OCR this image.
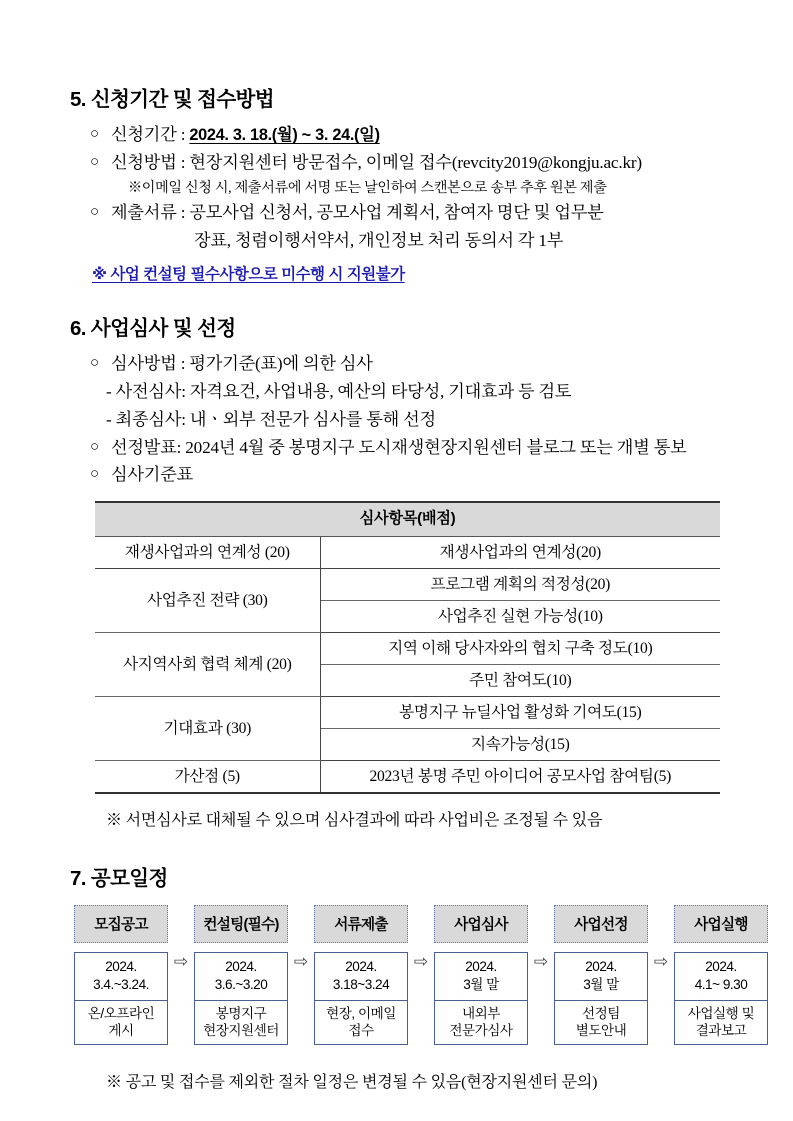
5. 신청기간 및 접수방법
○ 신청기간 : 2024. 3. 18.(월) ~ 3. 24.(일)
○ 신청방법 : 현장지원센터 방문접수, 이메일 접수(revcity2019@kongju.ac.kr)
※이메일 신청 시, 제출서류에 서명 또는 날인하여 스캔본으로 송부 추후 원본 제출
○ 제출서류 : 공모사업 신청서, 공모사업 계획서, 참여자 명단 및 업무분
장표, 청렴이행서약서, 개인정보 처리 동의서 각 1부
※ 사업 컨설팅 필수사항으로 미수행 시 지원불가
6. 사업심사 및 선정
○ 심사방법 : 평가기준(표)에 의한 심사
- 사전심사: 자격요건, 사업내용, 예산의 타당성, 기대효과 등 검토
- 최종심사: 내ㆍ외부 전문가 심사를 통해 선정
○ 선정발표: 2024년 4월 중 봉명지구 도시재생현장지원센터 블로그 또는 개별 통보
○ 심사기준표
심사항목(배점)	
재생사업과의 연계성 (20)	재생사업과의 연계성(20)
사업추진 전략 (30)	프로그램 계획의 적정성(20)
	사업추진 실현 가능성(10)
사지역사회 협력 체계 (20)	지역 이해 당사자와의 협치 구축 정도(10)
	주민 참여도(10)
기대효과 (30)	봉명지구 뉴딜사업 활성화 기여도(15)
	지속가능성(15)
가산점 (5)	2023년 봉명 주민 아이디어 공모사업 참여팀(5)
※ 서면심사로 대체될 수 있으며 심사결과에 따라 사업비은 조정될 수 있음
7. 공모일정
모집공고
2024.
3.4.~3.24.
온/오프라인
게시
⇨
컨설팅(필수)
2024.
3.6.~3.20
봉명지구
현장지원센터
⇨
서류제출
2024.
3.18~3.24
현장, 이메일
접수
⇨
사업심사
2024.
3월 말
내외부
전문가심사
⇨
사업선정
2024.
3월 말
선정팀
별도안내
⇨
사업실행
2024.
4.1~ 9.30
사업실행 및
결과보고
※ 공고 및 접수를 제외한 절차 일정은 변경될 수 있음(현장지원센터 문의)
